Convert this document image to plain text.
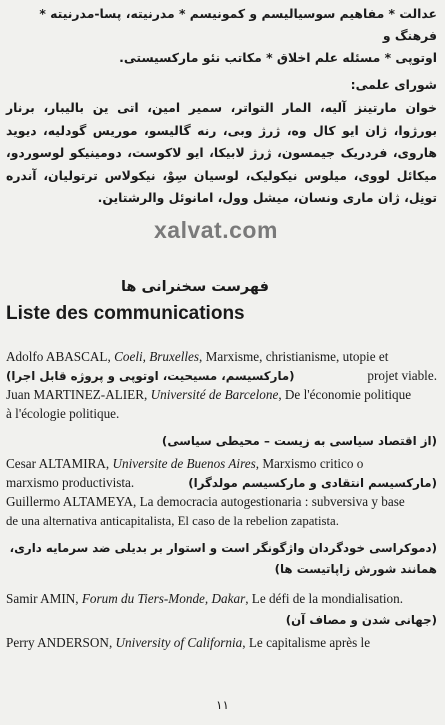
عدالت * مفاهیم سوسیالیسم و کمونیسم * مدرنیته، پسا-مدرنیته * فرهنگ و
اوتوپی * مسئله علم اخلاق * مکاتب نئو مارکسیستی.
شورای علمی:
خوان مارتینز آلیه، المار التواتر، سمیر امین، اتی ین بالیبار، برنار بورژوا، ژان ایو کال وه، ژرژ وبی، رنه گالیسو، موریس گودلیه، دیوید هاروی، فردریک جیمسون، ژرژ لابیکا، ایو لاکوست، دومینیکو لوسوردو، میکائل لووی، میلوس نیکولیک، لوسیان سِوْ، نیکولاس ترتولیان، آندره تونِل، ژان ماری ونسان، میشل وول، امانوئل والرشتاین.
xalvat.com
فهرست سخنرانی ها
Liste des communications
Adolfo ABASCAL, Coeli, Bruxelles, Marxisme, christianisme, utopie et
(مارکسیسم، مسیحیت، اوتوپی و پروژه قابل اجرا)	projet viable.
Juan MARTINEZ-ALIER, Université de Barcelone, De l'économie politique
à l'écologie politique.
(از اقتصاد سیاسی به زیست – محیطی سیاسی)
Cesar ALTAMIRA, Universite de Buenos Aires, Marxismo critico o
marxismo productivista.	(مارکسیسم انتقادی و مارکسیسم مولدگرا)
Guillermo ALTAMEYA, La democracia autogestionaria : subversiva y base
de una alternativa anticapitalista, El caso de la rebelion zapatista.
(دموکراسی خودگردان واژگونگر است و استوار بر بدیلی ضد سرمایه داری،
همانند شورش زاپاتیست ها)
Samir AMIN, Forum du Tiers-Monde, Dakar, Le défi de la mondialisation.
(جهانی شدن و مصاف آن)
Perry ANDERSON, University of California, Le capitalisme après le
۱۱
